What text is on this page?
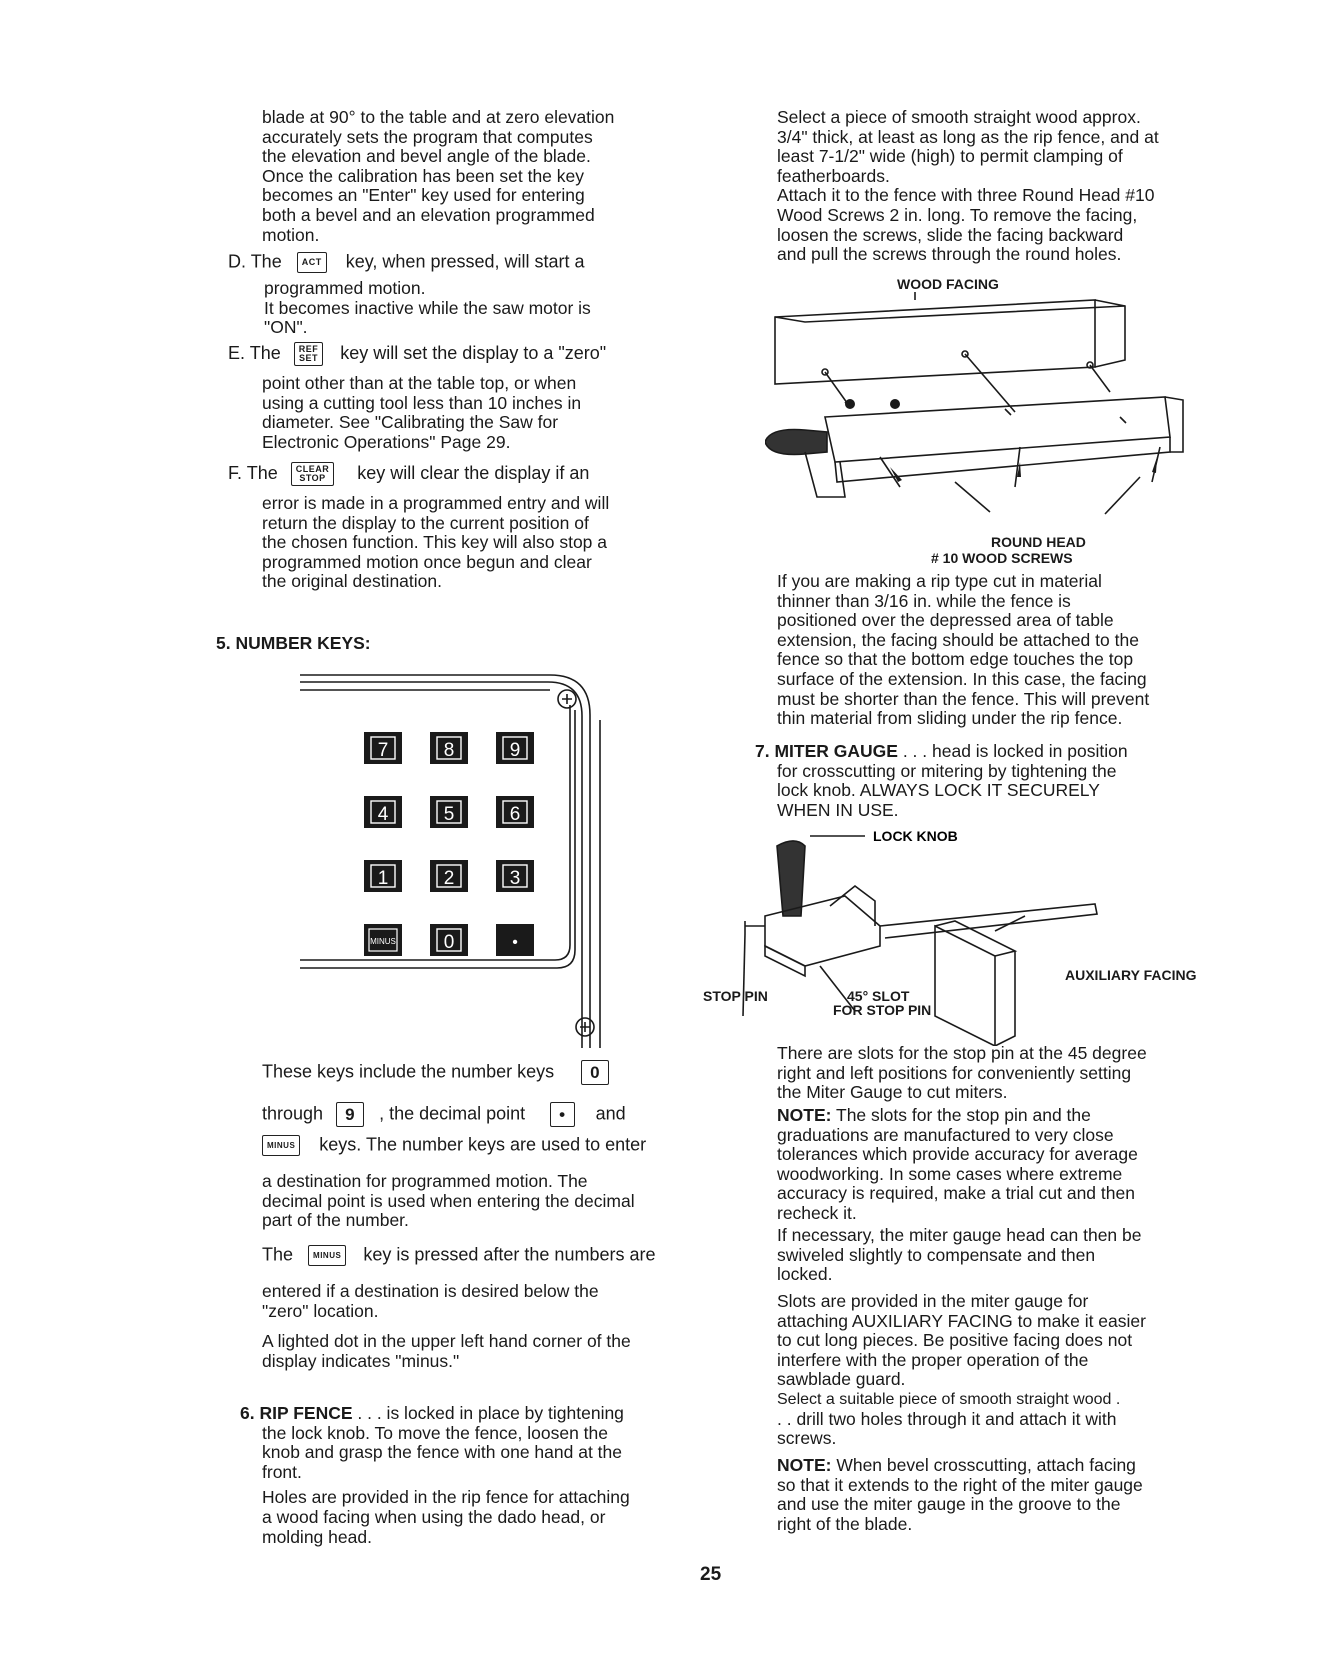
blade at 90° to the table and at zero elevation

accurately sets the program that computes

the elevation and bevel angle of the blade.

Once the calibration has been set the key

becomes an "Enter" key used for entering

both a bevel and an elevation programmed

motion.

D. The ACT key, when pressed, will start a

programmed motion.

It becomes inactive while the saw motor is

"ON".

E. The REF
SET key will set the display to a "zero"

point other than at the table top, or when

using a cutting tool less than 10 inches in

diameter. See "Calibrating the Saw for

Electronic Operations" Page 29.

F. The CLEAR
STOP key will clear the display if an

error is made in a programmed entry and will

return the display to the current position of

the chosen function. This key will also stop a

programmed motion once begun and clear

the original destination.

5. NUMBER KEYS:
7	8	9
4	5	6
1	2	3
MINUS	0	•
These keys include the number keys 0
through 9 , the decimal point • and
MINUS keys. The number keys are used to enter

a destination for programmed motion. The

decimal point is used when entering the decimal

part of the number.

The	MINUS key is pressed after the numbers are

entered if a destination is desired below the

"zero" location.

A lighted dot in the upper left hand corner of the

display indicates "minus."

6. RIP FENCE . . . is locked in place by tightening

the lock knob. To move the fence, loosen the

knob and grasp the fence with one hand at the

front.

Holes are provided in the rip fence for attaching

a wood facing when using the dado head, or

molding head.

Select a piece of smooth straight wood approx.

3/4" thick, at least as long as the rip fence, and at

least 7-1/2" wide (high) to permit clamping of

featherboards.

Attach it to the fence with three Round Head #10

Wood Screws 2 in. long. To remove the facing,

loosen the screws, slide the facing backward

and pull the screws through the round holes.

WOOD FACING
ROUND HEAD
# 10 WOOD SCREWS

If you are making a rip type cut in material

thinner than 3/16 in. while the fence is

positioned over the depressed area of table

extension, the facing should be attached to the

fence so that the bottom edge touches the top

surface of the extension. In this case, the facing

must be shorter than the fence. This will prevent

thin material from sliding under the rip fence.

7. MITER GAUGE . . . head is locked in position

for crosscutting or mitering by tightening the

lock knob. ALWAYS LOCK IT SECURELY

WHEN IN USE.

LOCK KNOB
AUXILIARY FACING
STOP PIN	45° SLOT
FOR STOP PIN

There are slots for the stop pin at the 45 degree

right and left positions for conveniently setting

the Miter Gauge to cut miters.

NOTE: The slots for the stop pin and the

graduations are manufactured to very close

tolerances which provide accuracy for average

woodworking. In some cases where extreme

accuracy is required, make a trial cut and then

recheck it.

If necessary, the miter gauge head can then be

swiveled slightly to compensate and then

locked.

Slots are provided in the miter gauge for

attaching AUXILIARY FACING to make it easier

to cut long pieces. Be positive facing does not

interfere with the proper operation of the

sawblade guard.

Select a suitable piece of smooth straight wood .

. . drill two holes through it and attach it with

screws.

NOTE: When bevel crosscutting, attach facing

so that it extends to the right of the miter gauge

and use the miter gauge in the groove to the

right of the blade.

25
